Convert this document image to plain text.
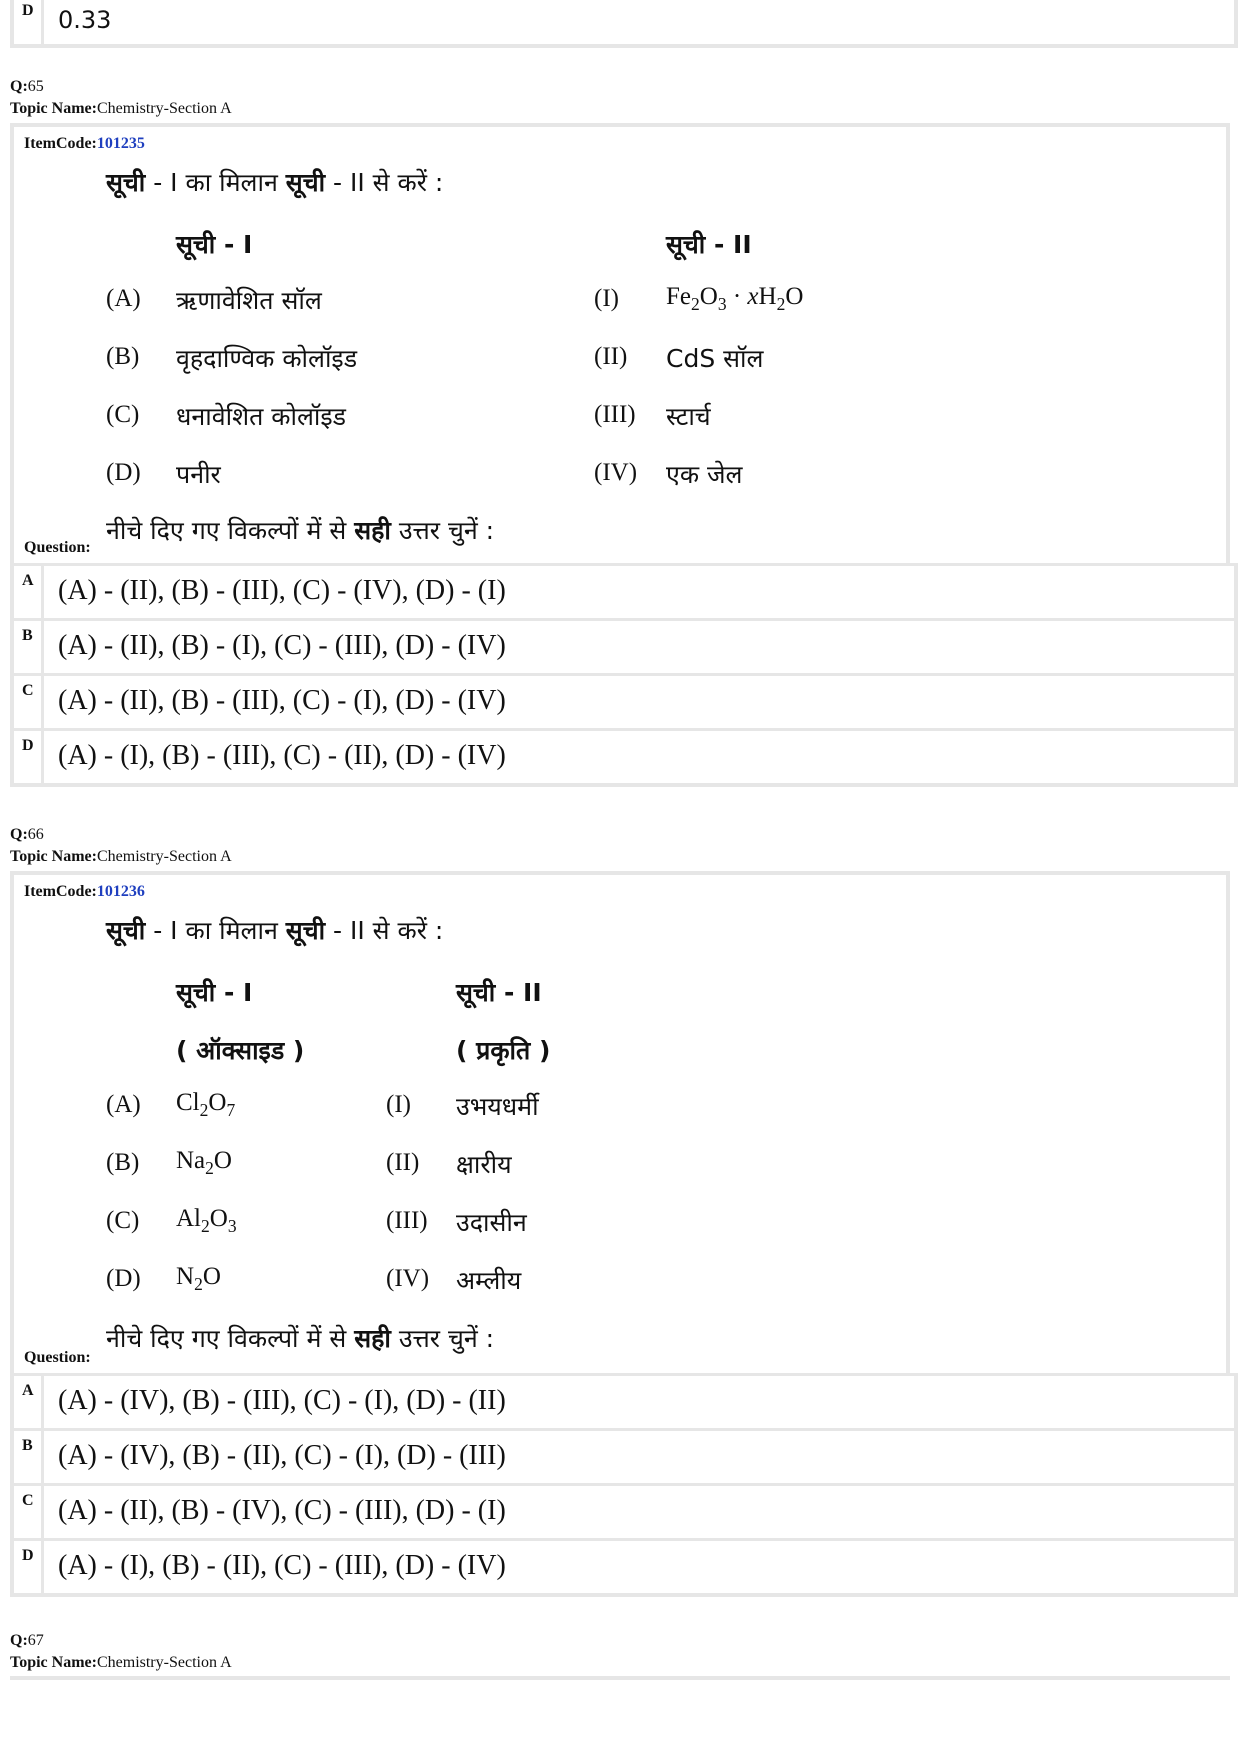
D	0.33
Q:65
Topic Name:Chemistry-Section A
ItemCode:101235
सूची - I का मिलान सूची - II से करें :
सूची - I	सूची - II
(A) ऋणावेशित सॉल	(I) $Fe_2O_3 \cdot xH_2O$
(B) वृहदाण्विक कोलॉइड	(II) CdS सॉल
(C) धनावेशित कोलॉइड	(III) स्टार्च
(D) पनीर	(IV) एक जेल
Question:
नीचे दिए गए विकल्पों में से सही उत्तर चुनें :
A (A) - (II), (B) - (III), (C) - (IV), (D) - (I)
B (A) - (II), (B) - (I), (C) - (III), (D) - (IV)
C (A) - (II), (B) - (III), (C) - (I), (D) - (IV)
D (A) - (I), (B) - (III), (C) - (II), (D) - (IV)
Q:66
Topic Name:Chemistry-Section A
ItemCode:101236
सूची - I का मिलान सूची - II से करें :
सूची - I	सूची - II
( ऑक्साइड )	( प्रकृति )
(A) $Cl_2O_7$	(I) उभयधर्मी
(B) $Na_2O$	(II) क्षारीय
(C) $Al_2O_3$	(III) उदासीन
(D) $N_2O$	(IV) अम्लीय
Question:
नीचे दिए गए विकल्पों में से सही उत्तर चुनें :
A (A) - (IV), (B) - (III), (C) - (I), (D) - (II)
B (A) - (IV), (B) - (II), (C) - (I), (D) - (III)
C (A) - (II), (B) - (IV), (C) - (III), (D) - (I)
D (A) - (I), (B) - (II), (C) - (III), (D) - (IV)
Q:67
Topic Name:Chemistry-Section A
